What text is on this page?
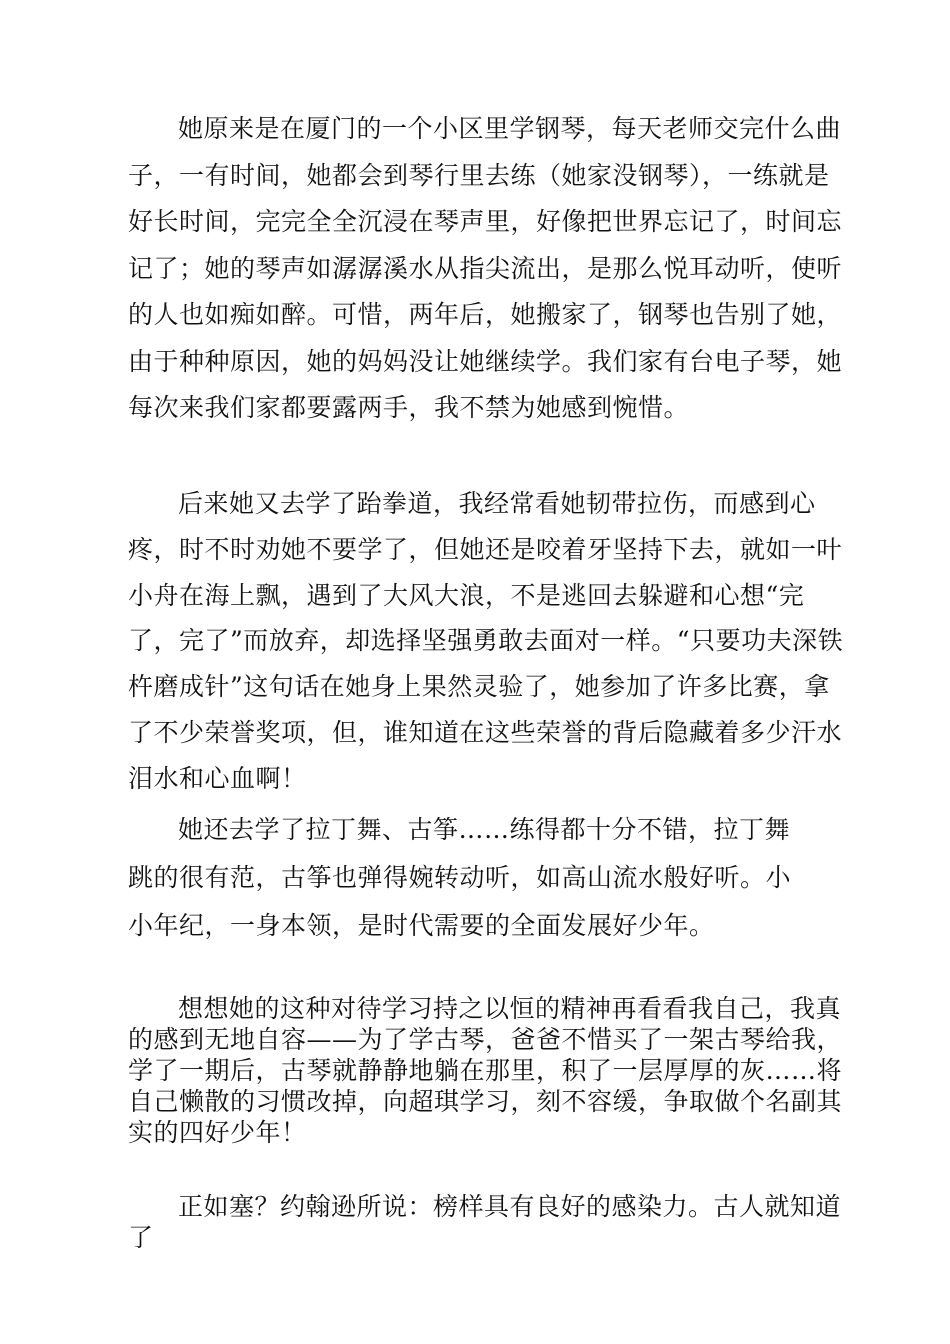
她原来是在厦门的一个小区里学钢琴，每天老师交完什么曲子，一有时间，她都会到琴行里去练（她家没钢琴），一练就是好长时间，完完全全沉浸在琴声里，好像把世界忘记了，时间忘记了；她的琴声如潺潺溪水从指尖流出，是那么悦耳动听，使听的人也如痴如醉。可惜，两年后，她搬家了，钢琴也告别了她，由于种种原因，她的妈妈没让她继续学。我们家有台电子琴，她每次来我们家都要露两手，我不禁为她感到惋惜。

后来她又去学了跆拳道，我经常看她韧带拉伤，而感到心疼，时不时劝她不要学了，但她还是咬着牙坚持下去，就如一叶小舟在海上飘，遇到了大风大浪，不是逃回去躲避和心想“完了，完了”而放弃，却选择坚强勇敢去面对一样。“只要功夫深铁杵磨成针”这句话在她身上果然灵验了，她参加了许多比赛，拿了不少荣誉奖项，但，谁知道在这些荣誉的背后隐藏着多少汗水泪水和心血啊！

她还去学了拉丁舞、古筝……练得都十分不错，拉丁舞跳的很有范，古筝也弹得婉转动听，如高山流水般好听。小小年纪，一身本领，是时代需要的全面发展好少年。

想想她的这种对待学习持之以恒的精神再看看我自己，我真的感到无地自容——为了学古琴，爸爸不惜买了一架古琴给我，学了一期后，古琴就静静地躺在那里，积了一层厚厚的灰……将自己懒散的习惯改掉，向超琪学习，刻不容缓，争取做个名副其实的四好少年！

正如塞？约翰逊所说：榜样具有良好的感染力。古人就知道了
